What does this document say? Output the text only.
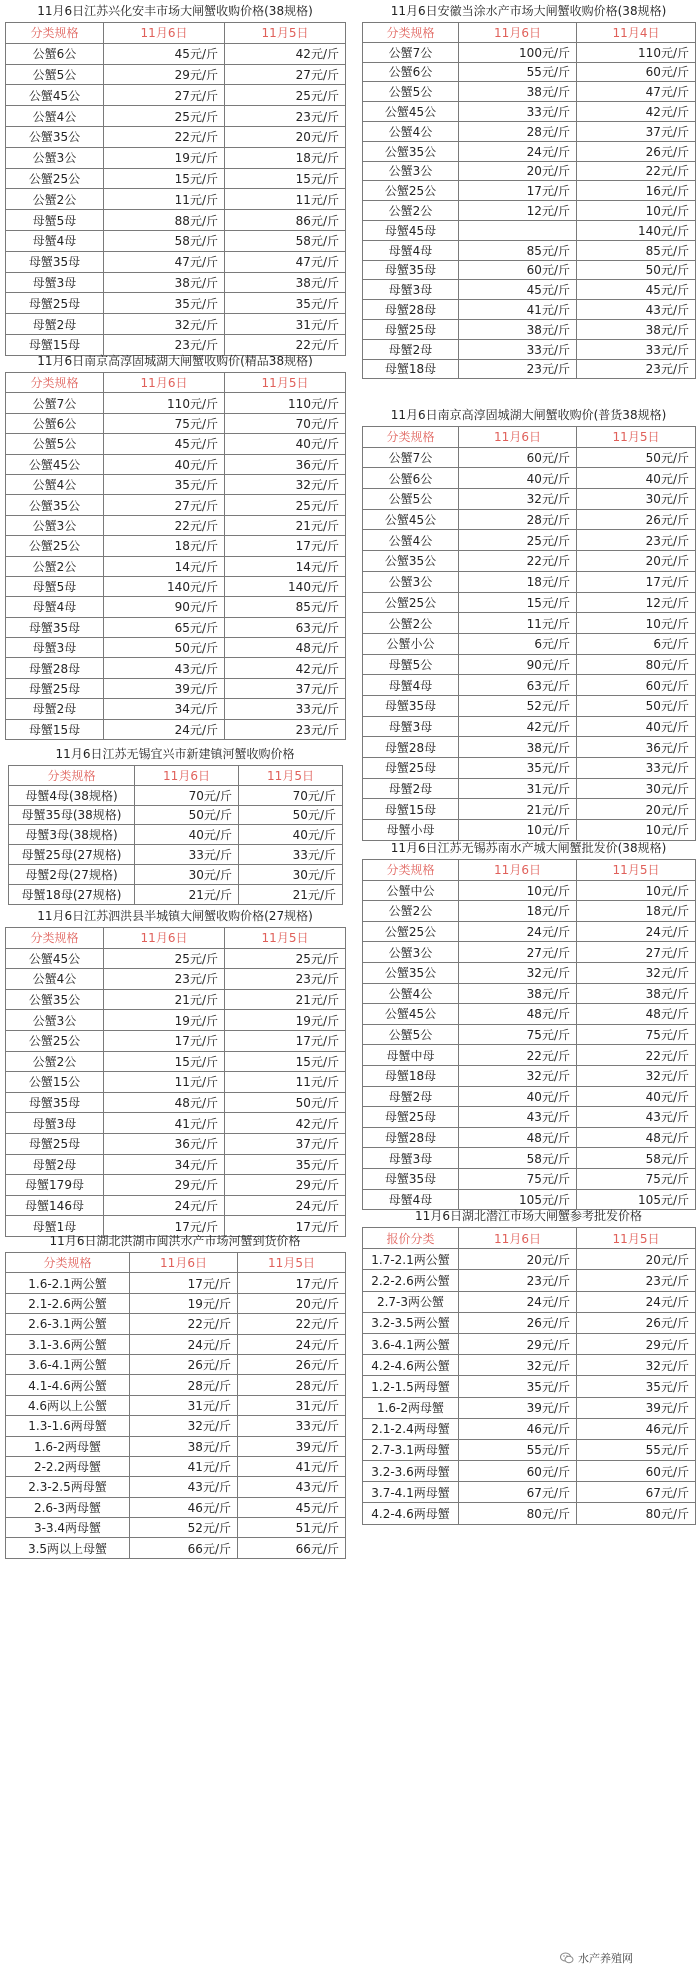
11月6日江苏兴化安丰市场大闸蟹收购价格(38规格)
分类规格	11月6日	11月5日
公蟹6公	45元/斤	42元/斤
公蟹5公	29元/斤	27元/斤
公蟹45公	27元/斤	25元/斤
公蟹4公	25元/斤	23元/斤
公蟹35公	22元/斤	20元/斤
公蟹3公	19元/斤	18元/斤
公蟹25公	15元/斤	15元/斤
公蟹2公	11元/斤	11元/斤
母蟹5母	88元/斤	86元/斤
母蟹4母	58元/斤	58元/斤
母蟹35母	47元/斤	47元/斤
母蟹3母	38元/斤	38元/斤
母蟹25母	35元/斤	35元/斤
母蟹2母	32元/斤	31元/斤
母蟹15母	23元/斤	22元/斤
11月6日南京高淳固城湖大闸蟹收购价(精品38规格)
分类规格	11月6日	11月5日
公蟹7公	110元/斤	110元/斤
公蟹6公	75元/斤	70元/斤
公蟹5公	45元/斤	40元/斤
公蟹45公	40元/斤	36元/斤
公蟹4公	35元/斤	32元/斤
公蟹35公	27元/斤	25元/斤
公蟹3公	22元/斤	21元/斤
公蟹25公	18元/斤	17元/斤
公蟹2公	14元/斤	14元/斤
母蟹5母	140元/斤	140元/斤
母蟹4母	90元/斤	85元/斤
母蟹35母	65元/斤	63元/斤
母蟹3母	50元/斤	48元/斤
母蟹28母	43元/斤	42元/斤
母蟹25母	39元/斤	37元/斤
母蟹2母	34元/斤	33元/斤
母蟹15母	24元/斤	23元/斤
11月6日江苏无锡宜兴市新建镇河蟹收购价格
分类规格	11月6日	11月5日
母蟹4母(38规格)	70元/斤	70元/斤
母蟹35母(38规格)	50元/斤	50元/斤
母蟹3母(38规格)	40元/斤	40元/斤
母蟹25母(27规格)	33元/斤	33元/斤
母蟹2母(27规格)	30元/斤	30元/斤
母蟹18母(27规格)	21元/斤	21元/斤
11月6日江苏泗洪县半城镇大闸蟹收购价格(27规格)
分类规格	11月6日	11月5日
公蟹45公	25元/斤	25元/斤
公蟹4公	23元/斤	23元/斤
公蟹35公	21元/斤	21元/斤
公蟹3公	19元/斤	19元/斤
公蟹25公	17元/斤	17元/斤
公蟹2公	15元/斤	15元/斤
公蟹15公	11元/斤	11元/斤
母蟹35母	48元/斤	50元/斤
母蟹3母	41元/斤	42元/斤
母蟹25母	36元/斤	37元/斤
母蟹2母	34元/斤	35元/斤
母蟹179母	29元/斤	29元/斤
母蟹146母	24元/斤	24元/斤
母蟹1母	17元/斤	17元/斤
11月6日湖北洪湖市闽洪水产市场河蟹到货价格
分类规格	11月6日	11月5日
1.6-2.1两公蟹	17元/斤	17元/斤
2.1-2.6两公蟹	19元/斤	20元/斤
2.6-3.1两公蟹	22元/斤	22元/斤
3.1-3.6两公蟹	24元/斤	24元/斤
3.6-4.1两公蟹	26元/斤	26元/斤
4.1-4.6两公蟹	28元/斤	28元/斤
4.6两以上公蟹	31元/斤	31元/斤
1.3-1.6两母蟹	32元/斤	33元/斤
1.6-2两母蟹	38元/斤	39元/斤
2-2.2两母蟹	41元/斤	41元/斤
2.3-2.5两母蟹	43元/斤	43元/斤
2.6-3两母蟹	46元/斤	45元/斤
3-3.4两母蟹	52元/斤	51元/斤
3.5两以上母蟹	66元/斤	66元/斤
11月6日安徽当涂水产市场大闸蟹收购价格(38规格)
分类规格	11月6日	11月4日
公蟹7公	100元/斤	110元/斤
公蟹6公	55元/斤	60元/斤
公蟹5公	38元/斤	47元/斤
公蟹45公	33元/斤	42元/斤
公蟹4公	28元/斤	37元/斤
公蟹35公	24元/斤	26元/斤
公蟹3公	20元/斤	22元/斤
公蟹25公	17元/斤	16元/斤
公蟹2公	12元/斤	10元/斤
母蟹45母		140元/斤
母蟹4母	85元/斤	85元/斤
母蟹35母	60元/斤	50元/斤
母蟹3母	45元/斤	45元/斤
母蟹28母	41元/斤	43元/斤
母蟹25母	38元/斤	38元/斤
母蟹2母	33元/斤	33元/斤
母蟹18母	23元/斤	23元/斤
11月6日南京高淳固城湖大闸蟹收购价(普货38规格)
分类规格	11月6日	11月5日
公蟹7公	60元/斤	50元/斤
公蟹6公	40元/斤	40元/斤
公蟹5公	32元/斤	30元/斤
公蟹45公	28元/斤	26元/斤
公蟹4公	25元/斤	23元/斤
公蟹35公	22元/斤	20元/斤
公蟹3公	18元/斤	17元/斤
公蟹25公	15元/斤	12元/斤
公蟹2公	11元/斤	10元/斤
公蟹小公	6元/斤	6元/斤
母蟹5公	90元/斤	80元/斤
母蟹4母	63元/斤	60元/斤
母蟹35母	52元/斤	50元/斤
母蟹3母	42元/斤	40元/斤
母蟹28母	38元/斤	36元/斤
母蟹25母	35元/斤	33元/斤
母蟹2母	31元/斤	30元/斤
母蟹15母	21元/斤	20元/斤
母蟹小母	10元/斤	10元/斤
11月6日江苏无锡苏南水产城大闸蟹批发价(38规格)
分类规格	11月6日	11月5日
公蟹中公	10元/斤	10元/斤
公蟹2公	18元/斤	18元/斤
公蟹25公	24元/斤	24元/斤
公蟹3公	27元/斤	27元/斤
公蟹35公	32元/斤	32元/斤
公蟹4公	38元/斤	38元/斤
公蟹45公	48元/斤	48元/斤
公蟹5公	75元/斤	75元/斤
母蟹中母	22元/斤	22元/斤
母蟹18母	32元/斤	32元/斤
母蟹2母	40元/斤	40元/斤
母蟹25母	43元/斤	43元/斤
母蟹28母	48元/斤	48元/斤
母蟹3母	58元/斤	58元/斤
母蟹35母	75元/斤	75元/斤
母蟹4母	105元/斤	105元/斤
11月6日湖北潜江市场大闸蟹参考批发价格
报价分类	11月6日	11月5日
1.7-2.1两公蟹	20元/斤	20元/斤
2.2-2.6两公蟹	23元/斤	23元/斤
2.7-3两公蟹	24元/斤	24元/斤
3.2-3.5两公蟹	26元/斤	26元/斤
3.6-4.1两公蟹	29元/斤	29元/斤
4.2-4.6两公蟹	32元/斤	32元/斤
1.2-1.5两母蟹	35元/斤	35元/斤
1.6-2两母蟹	39元/斤	39元/斤
2.1-2.4两母蟹	46元/斤	46元/斤
2.7-3.1两母蟹	55元/斤	55元/斤
3.2-3.6两母蟹	60元/斤	60元/斤
3.7-4.1两母蟹	67元/斤	67元/斤
4.2-4.6两母蟹	80元/斤	80元/斤
水产养殖网
